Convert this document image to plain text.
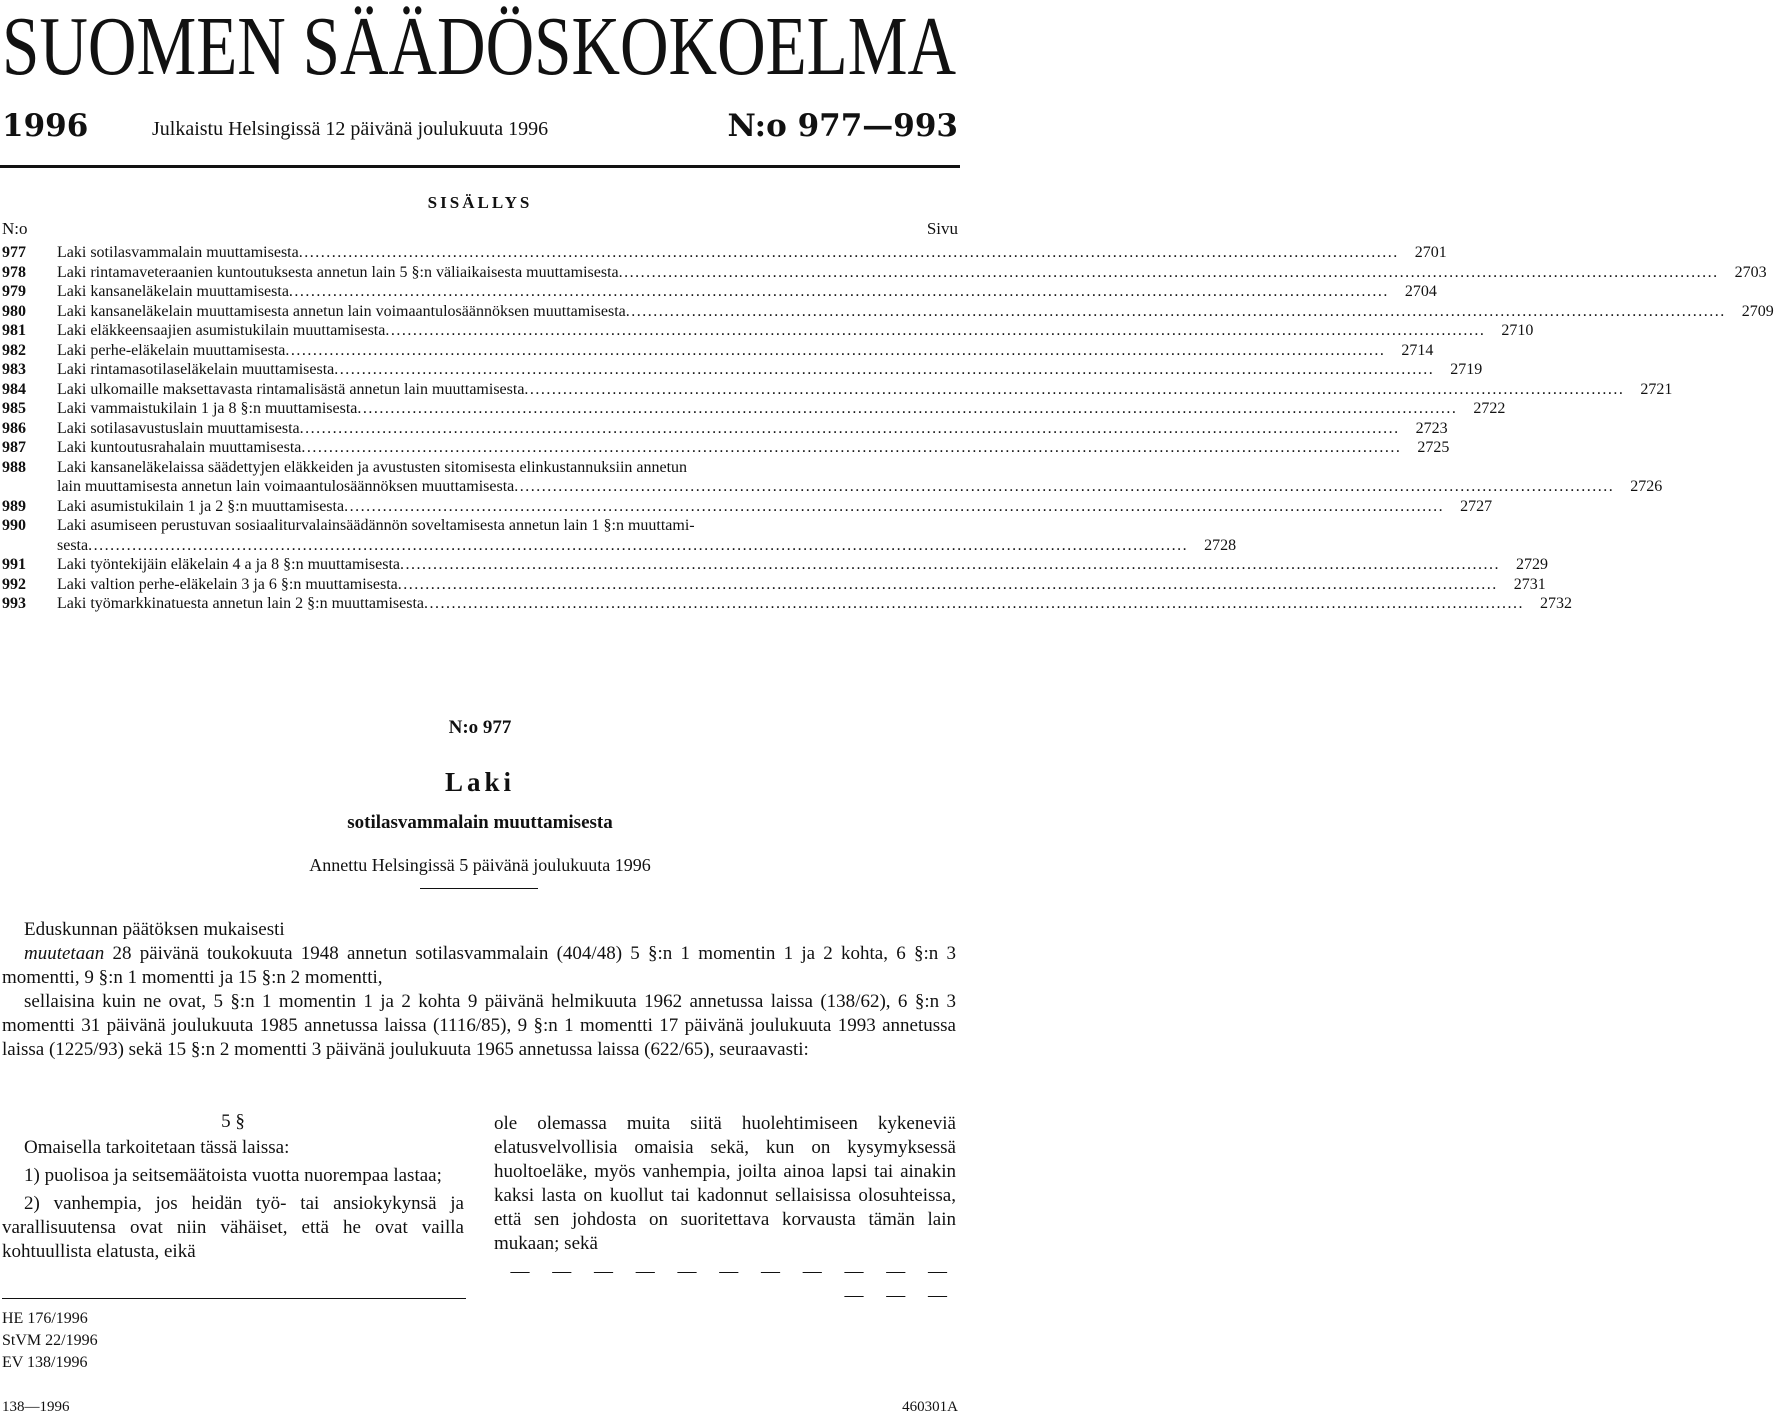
SUOMEN SÄÄDÖSKOKOELMA
1996	Julkaistu Helsingissä 12 päivänä joulukuuta 1996	N:o 977—993
SISÄLLYS
N:o	Sivu
977	Laki sotilasvammalain muuttamisesta ........................................................................................................................................................................................................	2701
978	Laki rintamaveteraanien kuntoutuksesta annetun lain 5 §:n väliaikaisesta muuttamisesta ........................................................................................................................................................................................................	2703
979	Laki kansaneläkelain muuttamisesta ........................................................................................................................................................................................................	2704
980	Laki kansaneläkelain muuttamisesta annetun lain voimaantulosäännöksen muuttamisesta ........................................................................................................................................................................................................	2709
981	Laki eläkkeensaajien asumistukilain muuttamisesta ........................................................................................................................................................................................................	2710
982	Laki perhe-eläkelain muuttamisesta ........................................................................................................................................................................................................	2714
983	Laki rintamasotilaseläkelain muuttamisesta ........................................................................................................................................................................................................	2719
984	Laki ulkomaille maksettavasta rintamalisästä annetun lain muuttamisesta ........................................................................................................................................................................................................	2721
985	Laki vammaistukilain 1 ja 8 §:n muuttamisesta ........................................................................................................................................................................................................	2722
986	Laki sotilasavustuslain muuttamisesta ........................................................................................................................................................................................................	2723
987	Laki kuntoutusrahalain muuttamisesta ........................................................................................................................................................................................................	2725
988	Laki kansaneläkelaissa säädettyjen eläkkeiden ja avustusten sitomisesta elinkustannuksiin annetun
lain muuttamisesta annetun lain voimaantulosäännöksen muuttamisesta ........................................................................................................................................................................................................	2726
989	Laki asumistukilain 1 ja 2 §:n muuttamisesta ........................................................................................................................................................................................................	2727
990	Laki asumiseen perustuvan sosiaaliturvalainsäädännön soveltamisesta annetun lain 1 §:n muuttami-
sesta ........................................................................................................................................................................................................	2728
991	Laki työntekijäin eläkelain 4 a ja 8 §:n muuttamisesta ........................................................................................................................................................................................................	2729
992	Laki valtion perhe-eläkelain 3 ja 6 §:n muuttamisesta ........................................................................................................................................................................................................	2731
993	Laki työmarkkinatuesta annetun lain 2 §:n muuttamisesta ........................................................................................................................................................................................................	2732
N:o 977
Laki
sotilasvammalain muuttamisesta
Annettu Helsingissä 5 päivänä joulukuuta 1996

Eduskunnan päätöksen mukaisesti

muutetaan 28 päivänä toukokuuta 1948 annetun sotilasvammalain (404/48) 5 §:n 1 momentin 1 ja 2 kohta, 6 §:n 3 momentti, 9 §:n 1 momentti ja 15 §:n 2 momentti,

sellaisina kuin ne ovat, 5 §:n 1 momentin 1 ja 2 kohta 9 päivänä helmikuuta 1962 annetussa laissa (138/62), 6 §:n 3 momentti 31 päivänä joulukuuta 1985 annetussa laissa (1116/85), 9 §:n 1 momentti 17 päivänä joulukuuta 1993 annetussa laissa (1225/93) sekä 15 §:n 2 momentti 3 päivänä joulukuuta 1965 annetussa laissa (622/65), seuraavasti:

5 §

Omaisella tarkoitetaan tässä laissa:

1) puolisoa ja seitsemäätoista vuotta nuorempaa lastaa;

2) vanhempia, jos heidän työ- tai ansiokykynsä ja varallisuutensa ovat niin vähäiset, että he ovat vailla kohtuullista elatusta, eikä

ole olemassa muita siitä huolehtimiseen kykeneviä elatusvelvollisia omaisia sekä, kun on kysymyksessä huoltoeläke, myös vanhempia, joilta ainoa lapsi tai ainakin kaksi lasta on kuollut tai kadonnut sellaisissa olosuhteissa, että sen johdosta on suoritettava korvausta tämän lain mukaan; sekä

— — — — — — — — — — — — — —

HE 176/1996
StVM 22/1996
EV 138/1996
138—1996	460301A
